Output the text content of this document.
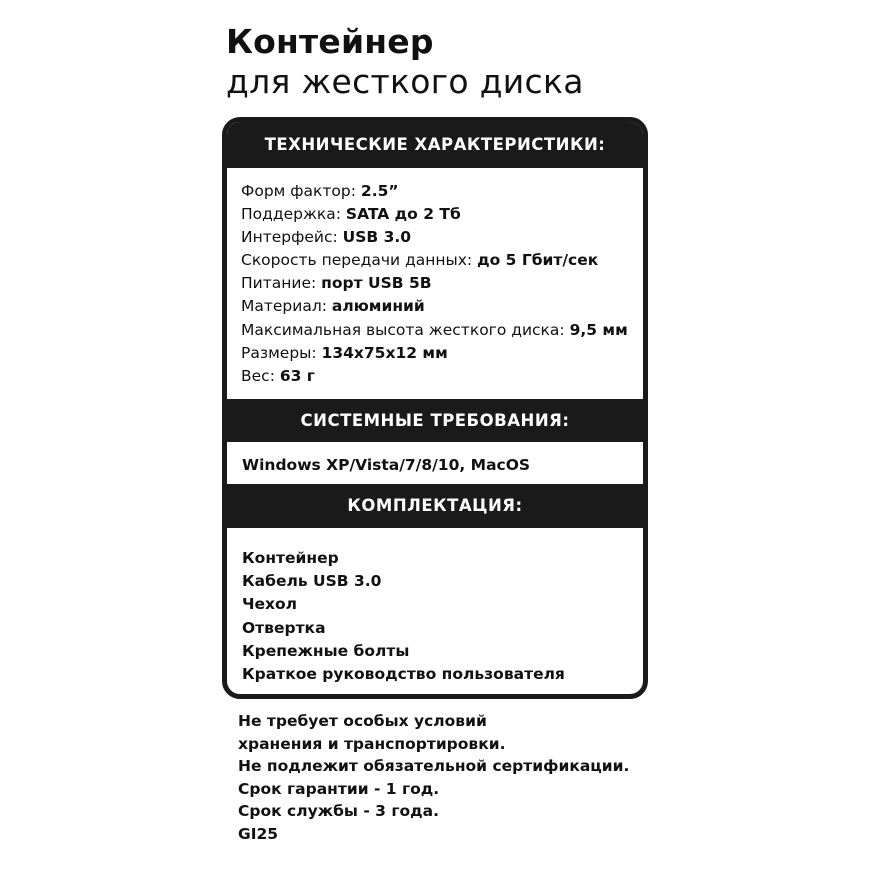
Контейнер
для жесткого диска
ТЕХНИЧЕСКИЕ ХАРАКТЕРИСТИКИ:
Форм фактор: 2.5”
Поддержка: SATA до 2 Тб
Интерфейс: USB 3.0
Скорость передачи данных: до 5 Гбит/сек
Питание: порт USB 5В
Материал: алюминий
Максимальная высота жесткого диска: 9,5 мм
Размеры: 134x75x12 мм
Вес: 63 г
СИСТЕМНЫЕ ТРЕБОВАНИЯ:
Windows XP/Vista/7/8/10, MacOS
КОМПЛЕКТАЦИЯ:
Контейнер
Кабель USB 3.0
Чехол
Отвертка
Крепежные болты
Краткое руководство пользователя
Не требует особых условий
хранения и транспортировки.
Не подлежит обязательной сертификации.
Срок гарантии - 1 год.
Срок службы - 3 года.
GI25
